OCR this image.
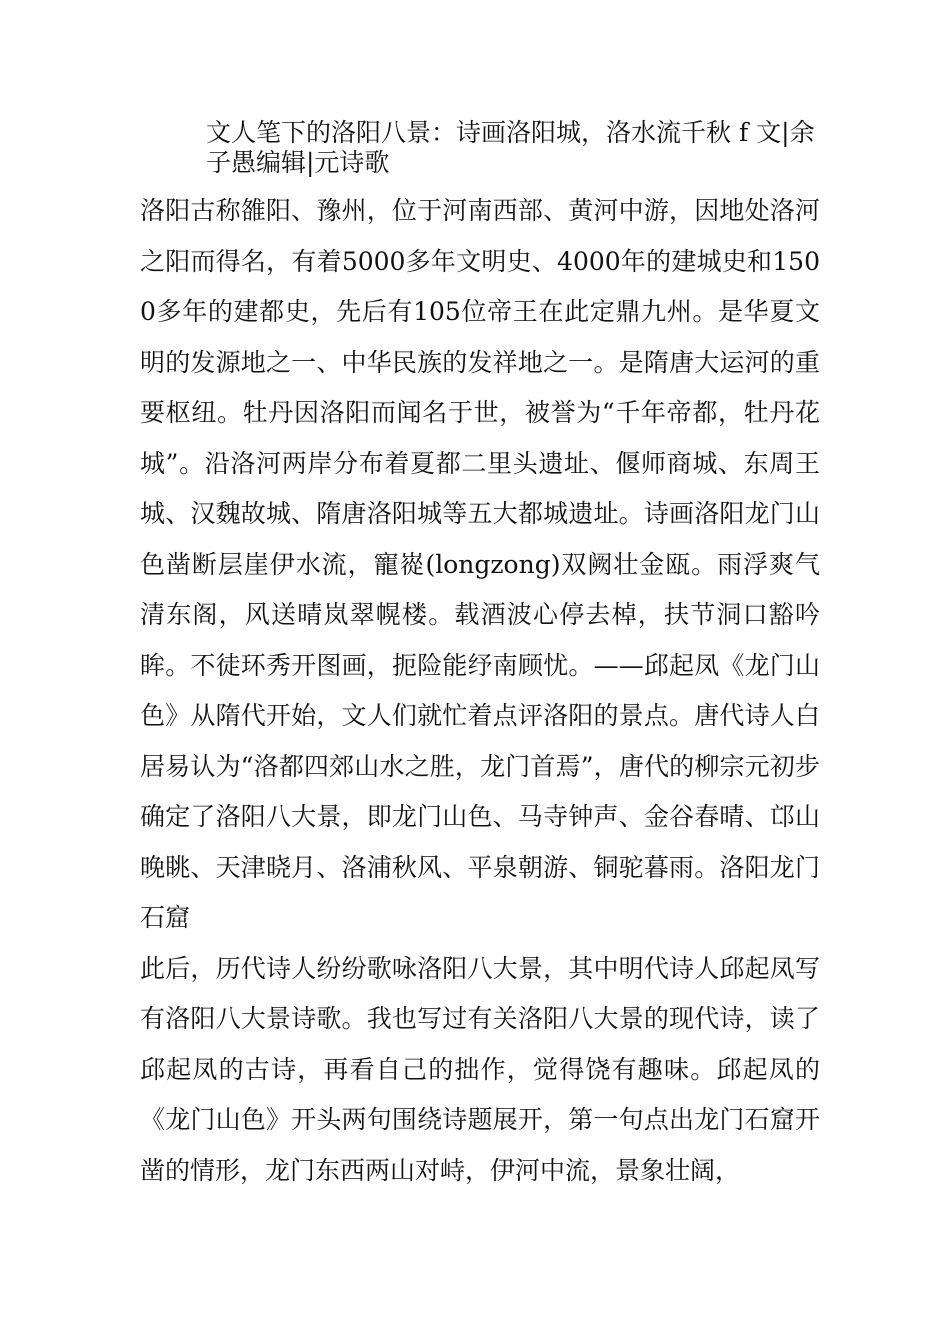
文人笔下的洛阳八景：诗画洛阳城，洛水流千秋 f 文|余子愚编辑|元诗歌

洛阳古称雒阳、豫州，位于河南西部、黄河中游，因地处洛河之阳而得名，有着5000多年文明史、4000年的建城史和1500多年的建都史，先后有105位帝王在此定鼎九州。是华夏文明的发源地之一、中华民族的发祥地之一。是隋唐大运河的重要枢纽。牡丹因洛阳而闻名于世，被誉为“千年帝都，牡丹花城”。沿洛河两岸分布着夏都二里头遗址、偃师商城、东周王城、汉魏故城、隋唐洛阳城等五大都城遗址。诗画洛阳龙门山色凿断层崖伊水流，寵嵸(longzong)双阙壮金瓯。雨浮爽气清东阁，风送晴岚翠幌楼。载酒波心停去棹，扶节洞口豁吟眸。不徒环秀开图画，扼险能纾南顾忧。——邱起凤《龙门山色》从隋代开始，文人们就忙着点评洛阳的景点。唐代诗人白居易认为“洛都四郊山水之胜，龙门首焉”，唐代的柳宗元初步确定了洛阳八大景，即龙门山色、马寺钟声、金谷春晴、邙山晚眺、天津晓月、洛浦秋风、平泉朝游、铜驼暮雨。洛阳龙门石窟

此后，历代诗人纷纷歌咏洛阳八大景，其中明代诗人邱起凤写有洛阳八大景诗歌。我也写过有关洛阳八大景的现代诗，读了邱起凤的古诗，再看自己的拙作，觉得饶有趣味。邱起凤的《龙门山色》开头两句围绕诗题展开，第一句点出龙门石窟开凿的情形，龙门东西两山对峙，伊河中流，景象壮阔，
